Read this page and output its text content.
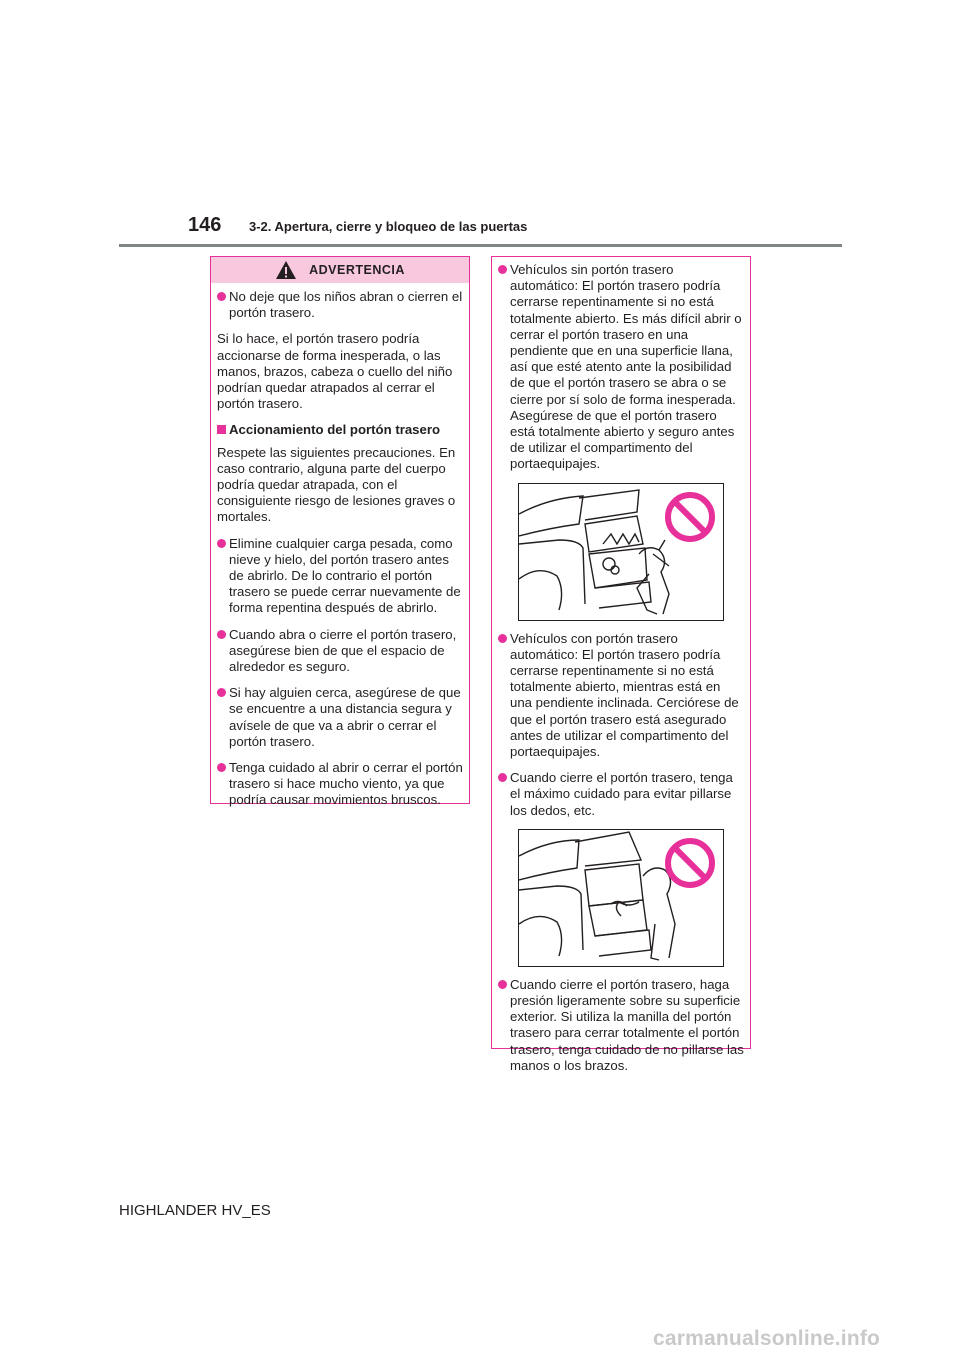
146 3-2. Apertura, cierre y bloqueo de las puertas
ADVERTENCIA
No deje que los niños abran o cierren el portón trasero.

Si lo hace, el portón trasero podría accionarse de forma inesperada, o las manos, brazos, cabeza o cuello del niño podrían quedar atrapados al cerrar el portón trasero.

Accionamiento del portón trasero

Respete las siguientes precauciones. En caso contrario, alguna parte del cuerpo podría quedar atrapada, con el consiguiente riesgo de lesiones graves o mortales.

Elimine cualquier carga pesada, como nieve y hielo, del portón trasero antes de abrirlo. De lo contrario el portón trasero se puede cerrar nuevamente de forma repentina después de abrirlo.
Cuando abra o cierre el portón trasero, asegúrese bien de que el espacio de alrededor es seguro.
Si hay alguien cerca, asegúrese de que se encuentre a una distancia segura y avísele de que va a abrir o cerrar el portón trasero.
Tenga cuidado al abrir o cerrar el portón trasero si hace mucho viento, ya que podría causar movimientos bruscos.
Vehículos sin portón trasero automático: El portón trasero podría cerrarse repentinamente si no está totalmente abierto. Es más difícil abrir o cerrar el portón trasero en una pendiente que en una superficie llana, así que esté atento ante la posibilidad de que el portón trasero se abra o se cierre por sí solo de forma inesperada. Asegúrese de que el portón trasero está totalmente abierto y seguro antes de utilizar el compartimento del portaequipajes.
Vehículos con portón trasero automático: El portón trasero podría cerrarse repentinamente si no está totalmente abierto, mientras está en una pendiente inclinada. Cerciórese de que el portón trasero está asegurado antes de utilizar el compartimento del portaequipajes.
Cuando cierre el portón trasero, tenga el máximo cuidado para evitar pillarse los dedos, etc.
Cuando cierre el portón trasero, haga presión ligeramente sobre su superficie exterior. Si utiliza la manilla del portón trasero para cerrar totalmente el portón trasero, tenga cuidado de no pillarse las manos o los brazos.
HIGHLANDER HV_ES
carmanualsonline.info
